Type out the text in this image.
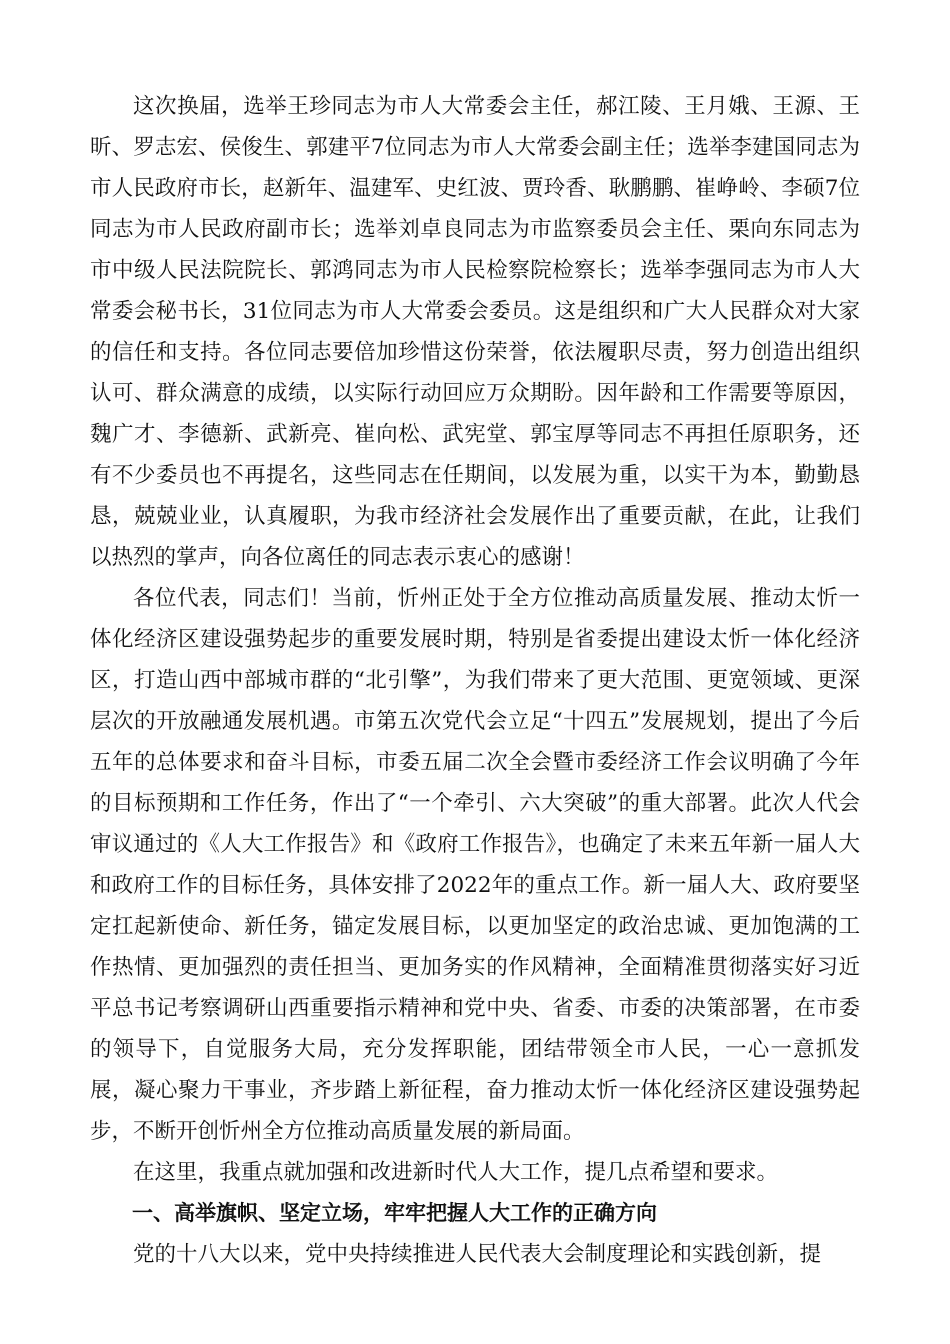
这次换届，选举王珍同志为市人大常委会主任，郝江陵、王月娥、王源、王昕、罗志宏、侯俊生、郭建平7位同志为市人大常委会副主任；选举李建国同志为市人民政府市长，赵新年、温建军、史红波、贾玲香、耿鹏鹏、崔峥岭、李硕7位同志为市人民政府副市长；选举刘卓良同志为市监察委员会主任、栗向东同志为市中级人民法院院长、郭鸿同志为市人民检察院检察长；选举李强同志为市人大常委会秘书长，31位同志为市人大常委会委员。这是组织和广大人民群众对大家的信任和支持。各位同志要倍加珍惜这份荣誉，依法履职尽责，努力创造出组织认可、群众满意的成绩，以实际行动回应万众期盼。因年龄和工作需要等原因，魏广才、李德新、武新亮、崔向松、武宪堂、郭宝厚等同志不再担任原职务，还有不少委员也不再提名，这些同志在任期间，以发展为重，以实干为本，勤勤恳恳，兢兢业业，认真履职，为我市经济社会发展作出了重要贡献，在此，让我们以热烈的掌声，向各位离任的同志表示衷心的感谢！

各位代表，同志们！当前，忻州正处于全方位推动高质量发展、推动太忻一体化经济区建设强势起步的重要发展时期，特别是省委提出建设太忻一体化经济区，打造山西中部城市群的“北引擎”，为我们带来了更大范围、更宽领域、更深层次的开放融通发展机遇。市第五次党代会立足“十四五”发展规划，提出了今后五年的总体要求和奋斗目标，市委五届二次全会暨市委经济工作会议明确了今年的目标预期和工作任务，作出了“一个牵引、六大突破”的重大部署。此次人代会审议通过的《人大工作报告》和《政府工作报告》，也确定了未来五年新一届人大和政府工作的目标任务，具体安排了2022年的重点工作。新一届人大、政府要坚定扛起新使命、新任务，锚定发展目标，以更加坚定的政治忠诚、更加饱满的工作热情、更加强烈的责任担当、更加务实的作风精神，全面精准贯彻落实好习近平总书记考察调研山西重要指示精神和党中央、省委、市委的决策部署，在市委的领导下，自觉服务大局，充分发挥职能，团结带领全市人民，一心一意抓发展，凝心聚力干事业，齐步踏上新征程，奋力推动太忻一体化经济区建设强势起步，不断开创忻州全方位推动高质量发展的新局面。

在这里，我重点就加强和改进新时代人大工作，提几点希望和要求。

一、高举旗帜、坚定立场，牢牢把握人大工作的正确方向

党的十八大以来，党中央持续推进人民代表大会制度理论和实践创新，提
